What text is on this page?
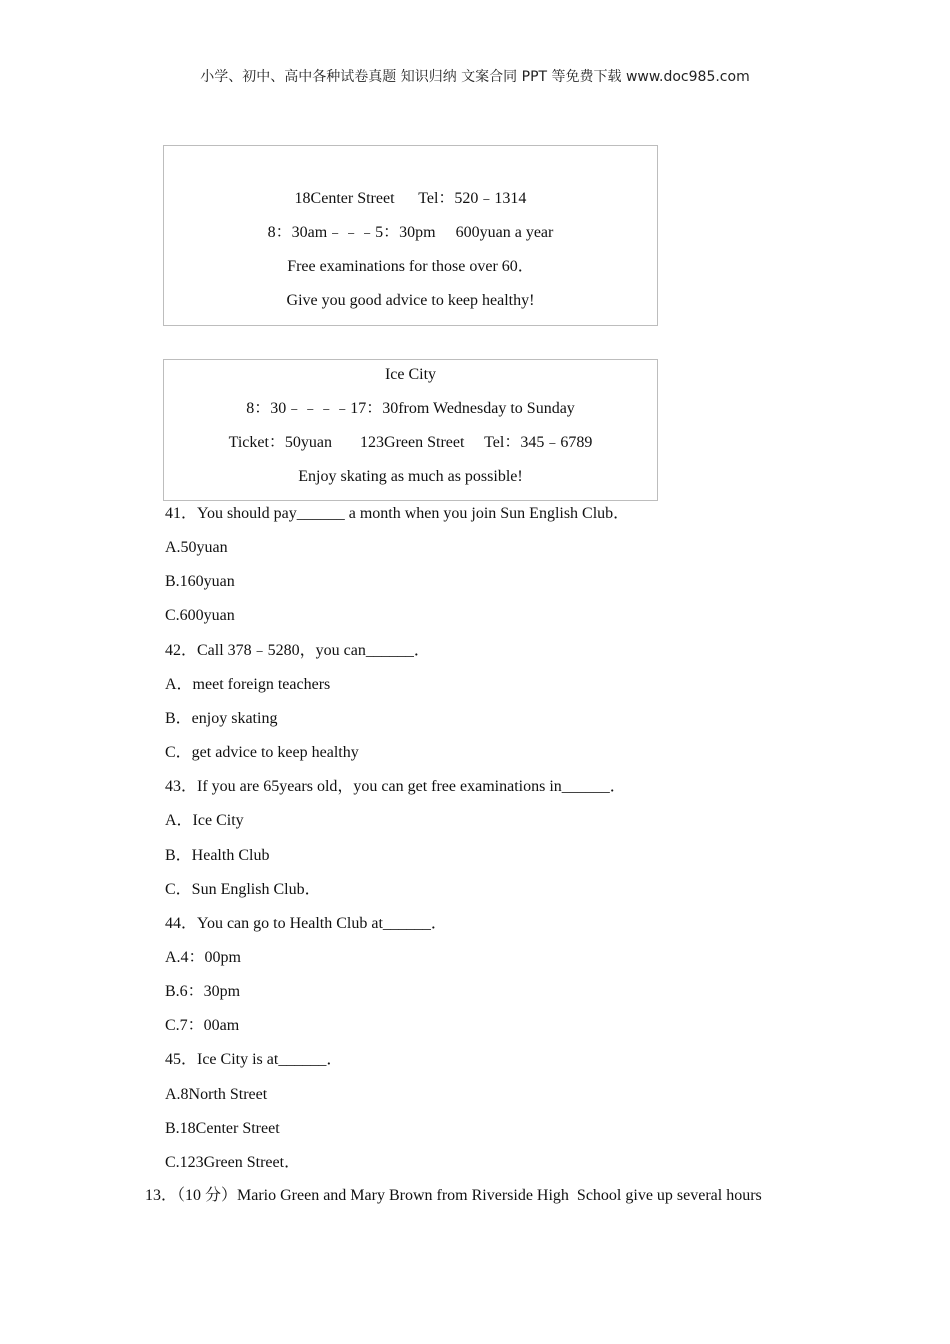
小学、初中、高中各种试卷真题 知识归纳 文案合同 PPT 等免费下载 www.doc985.com
18Center Street      Tel：520﹣1314
8：30am﹣﹣﹣5：30pm     600yuan a year
Free examinations for those over 60．
Give you good advice to keep healthy!
Ice City
8：30﹣﹣﹣﹣17：30from Wednesday to Sunday
Ticket：50yuan       123Green Street     Tel：345﹣6789
Enjoy skating as much as possible!
41．You should pay______ a month when you join Sun English Club．
A.50yuan
B.160yuan
C.600yuan
42．Call 378﹣5280，you can______．
A．meet foreign teachers
B．enjoy skating
C．get advice to keep healthy
43．If you are 65years old，you can get free examinations in______．
A．Ice City
B．Health Club
C．Sun English Club．
44．You can go to Health Club at______．
A.4：00pm
B.6：30pm
C.7：00am
45．Ice City is at______．
A.8North Street
B.18Center Street
C.123Green Street．
13．（10 分）Mario Green and Mary Brown from Riverside High  School give up several hours
